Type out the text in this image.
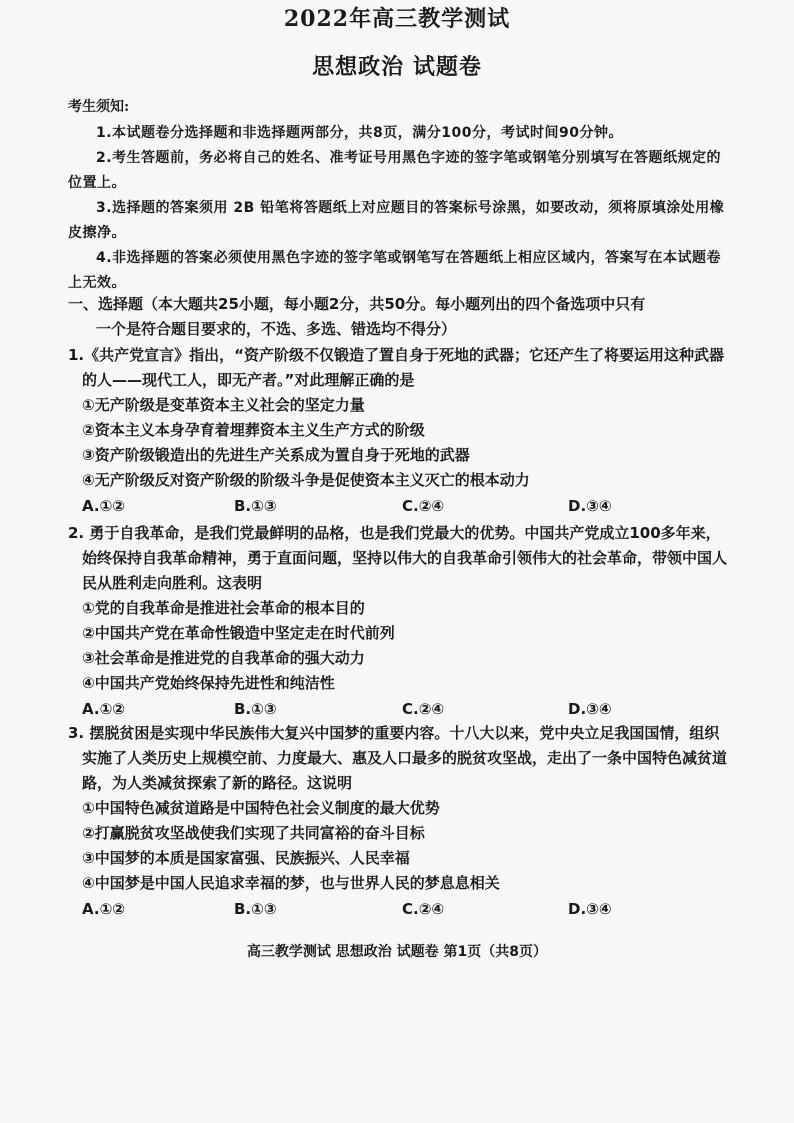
2022年高三教学测试
思想政治 试题卷

考生须知:

1.本试题卷分选择题和非选择题两部分，共8页，满分100分，考试时间90分钟。

2.考生答题前，务必将自己的姓名、准考证号用黑色字迹的签字笔或钢笔分别填写在答题纸规定的位置上。

3.选择题的答案须用 2B 铅笔将答题纸上对应题目的答案标号涂黑，如要改动，须将原填涂处用橡皮擦净。

4.非选择题的答案必须使用黑色字迹的签字笔或钢笔写在答题纸上相应区域内，答案写在本试题卷上无效。

一、选择题（本大题共25小题，每小题2分，共50分。每小题列出的四个备选项中只有

一个是符合题目要求的，不选、多选、错选均不得分）

1.《共产党宣言》指出，“资产阶级不仅锻造了置自身于死地的武器；它还产生了将要运用这种武器的人——现代工人，即无产者。”对此理解正确的是

①无产阶级是变革资本主义社会的坚定力量

②资本主义本身孕育着埋葬资本主义生产方式的阶级

③资产阶级锻造出的先进生产关系成为置自身于死地的武器

④无产阶级反对资产阶级的阶级斗争是促使资本主义灭亡的根本动力

A.①②	B.①③	C.②④	D.③④

2. 勇于自我革命，是我们党最鲜明的品格，也是我们党最大的优势。中国共产党成立100多年来，始终保持自我革命精神，勇于直面问题，坚持以伟大的自我革命引领伟大的社会革命，带领中国人民从胜利走向胜利。这表明

①党的自我革命是推进社会革命的根本目的

②中国共产党在革命性锻造中坚定走在时代前列

③社会革命是推进党的自我革命的强大动力

④中国共产党始终保持先进性和纯洁性

A.①②	B.①③	C.②④	D.③④

3. 摆脱贫困是实现中华民族伟大复兴中国梦的重要内容。十八大以来，党中央立足我国国情，组织实施了人类历史上规模空前、力度最大、惠及人口最多的脱贫攻坚战，走出了一条中国特色减贫道路，为人类减贫探索了新的路径。这说明

①中国特色减贫道路是中国特色社会义制度的最大优势

②打赢脱贫攻坚战使我们实现了共同富裕的奋斗目标

③中国梦的本质是国家富强、民族振兴、人民幸福

④中国梦是中国人民追求幸福的梦，也与世界人民的梦息息相关

A.①②	B.①③	C.②④	D.③④
高三教学测试 思想政治 试题卷 第1页（共8页）
